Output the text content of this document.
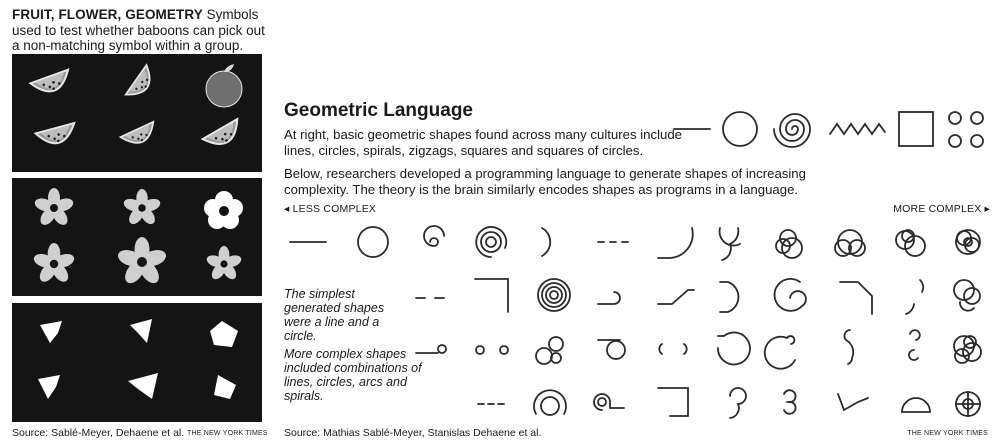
FRUIT, FLOWER, GEOMETRY Symbols used to test whether baboons can pick out a non-matching symbol within a group.
Source: Sablé-Meyer, Dehaene et al. THE NEW YORK TIMES
Geometric Language
At right, basic geometric shapes found across many cultures include lines, circles, spirals, zigzags, squares and squares of circles.
Below, researchers developed a programming language to generate shapes of increasing complexity. The theory is the brain similarly encodes shapes as programs in a language.
◂ LESS COMPLEX	MORE COMPLEX ▸
The simplest generated shapes were a line and a circle.
More complex shapes included combinations of lines, circles, arcs and spirals.
Source: Mathias Sablé-Meyer, Stanislas Dehaene et al.	THE NEW YORK TIMES
